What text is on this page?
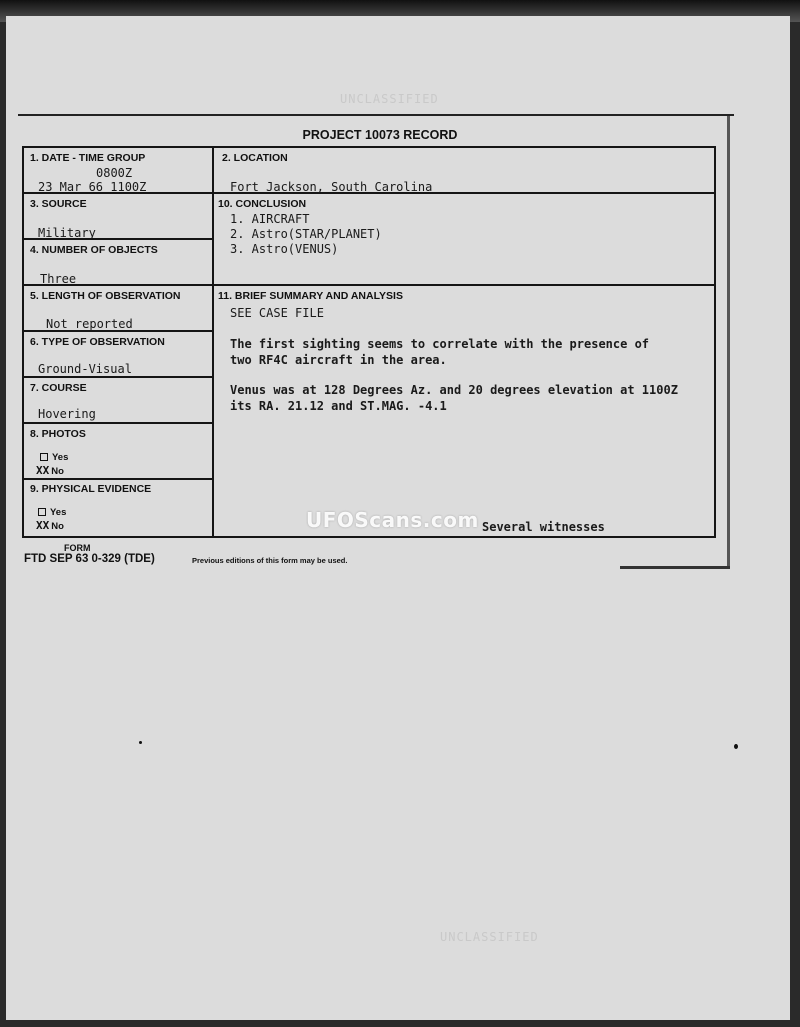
UNCLASSIFIED
UNCLASSIFIED
PROJECT 10073 RECORD
1. DATE - TIME GROUP
0800Z
23 Mar 66 1100Z
3. SOURCE
Military
4. NUMBER OF OBJECTS
Three
5. LENGTH OF OBSERVATION
Not reported
6. TYPE OF OBSERVATION
Ground-Visual
7. COURSE
Hovering
8. PHOTOS
Yes
XX No
9. PHYSICAL EVIDENCE
Yes
XX No
2. LOCATION
Fort Jackson, South Carolina
10. CONCLUSION
1. AIRCRAFT
2. Astro(STAR/PLANET)
3. Astro(VENUS)
11. BRIEF SUMMARY AND ANALYSIS
SEE CASE FILE
The first sighting seems to correlate with the presence of
two RF4C aircraft in the area.
Venus was at 128 Degrees Az. and 20 degrees elevation at 1100Z
its RA. 21.12 and ST.MAG. -4.1
Several witnesses
FORM
FTD SEP 63 0-329 (TDE)	Previous editions of this form may be used.
UFOScans.com
